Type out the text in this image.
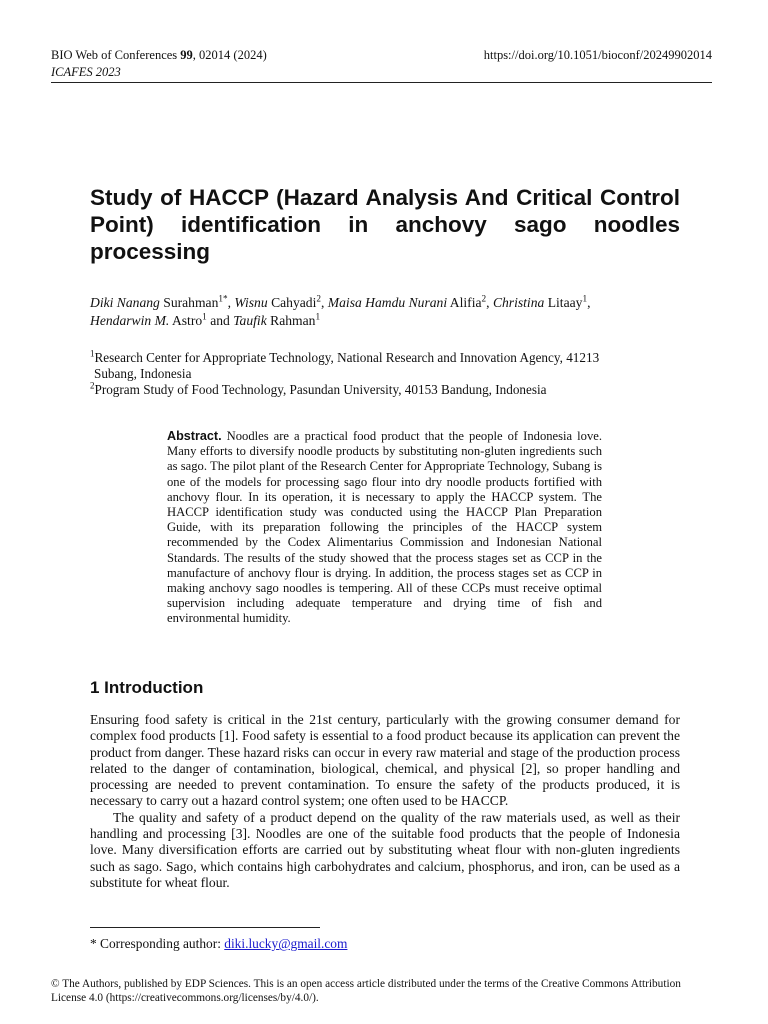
BIO Web of Conferences 99, 02014 (2024)
ICAFES 2023
https://doi.org/10.1051/bioconf/20249902014
Study of HACCP (Hazard Analysis And Critical Control Point) identification in anchovy sago noodles processing
Diki Nanang Surahman$^{1*}$, Wisnu Cahyadi$^2$, Maisa Hamdu Nurani Alifia$^2$, Christina Litaay$^1$,
Hendarwin M. Astro$^1$ and Taufik Rahman$^1$
$^1$Research Center for Appropriate Technology, National Research and Innovation Agency, 41213
Subang, Indonesia
$^2$Program Study of Food Technology, Pasundan University, 40153 Bandung, Indonesia
Abstract. Noodles are a practical food product that the people of Indonesia love. Many efforts to diversify noodle products by substituting non-gluten ingredients such as sago. The pilot plant of the Research Center for Appropriate Technology, Subang is one of the models for processing sago flour into dry noodle products fortified with anchovy flour. In its operation, it is necessary to apply the HACCP system. The HACCP identification study was conducted using the HACCP Plan Preparation Guide, with its preparation following the principles of the HACCP system recommended by the Codex Alimentarius Commission and Indonesian National Standards. The results of the study showed that the process stages set as CCP in the manufacture of anchovy flour is drying. In addition, the process stages set as CCP in making anchovy sago noodles is tempering. All of these CCPs must receive optimal supervision including adequate temperature and drying time of fish and environmental humidity.
1 Introduction

Ensuring food safety is critical in the 21st century, particularly with the growing consumer demand for complex food products [1]. Food safety is essential to a food product because its application can prevent the product from danger. These hazard risks can occur in every raw material and stage of the production process related to the danger of contamination, biological, chemical, and physical [2], so proper handling and processing are needed to prevent contamination. To ensure the safety of the products produced, it is necessary to carry out a hazard control system; one often used to be HACCP.

The quality and safety of a product depend on the quality of the raw materials used, as well as their handling and processing [3]. Noodles are one of the suitable food products that the people of Indonesia love. Many diversification efforts are carried out by substituting wheat flour with non-gluten ingredients such as sago. Sago, which contains high carbohydrates and calcium, phosphorus, and iron, can be used as a substitute for wheat flour.

* Corresponding author: diki.lucky@gmail.com
© The Authors, published by EDP Sciences. This is an open access article distributed under the terms of the Creative Commons Attribution License 4.0 (https://creativecommons.org/licenses/by/4.0/).
